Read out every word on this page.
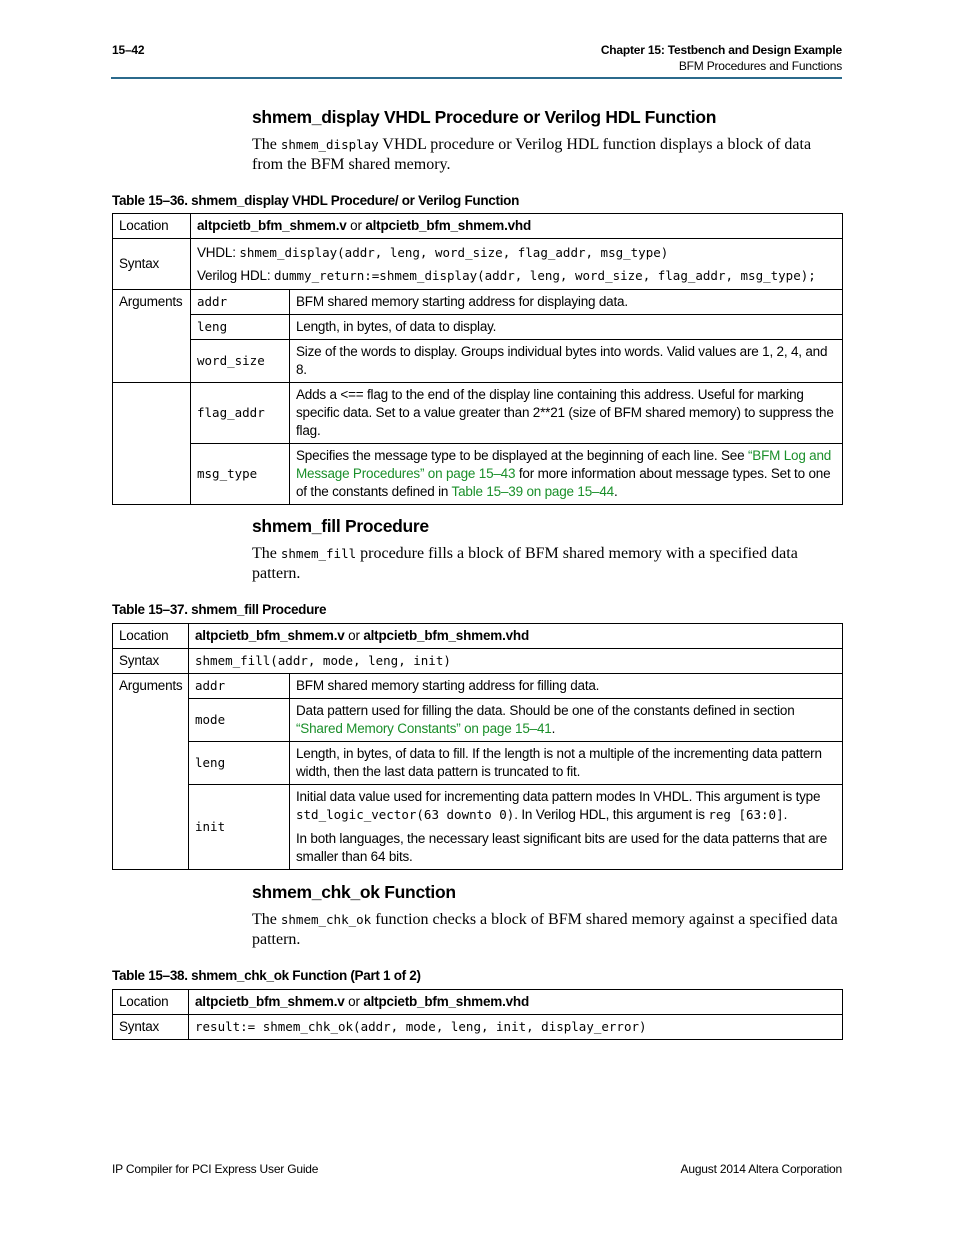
15–42	Chapter 15: Testbench and Design Example
BFM Procedures and Functions
shmem_display VHDL Procedure or Verilog HDL Function

The shmem_display VHDL procedure or Verilog HDL function displays a block of data from the BFM shared memory.

Table 15–36. shmem_display VHDL Procedure/ or Verilog Function
Location	altpcietb_bfm_shmem.v or altpcietb_bfm_shmem.vhd	
Syntax	VHDL: shmem_display(addr, leng, word_size, flag_addr, msg_type)
Verilog HDL: dummy_return:=shmem_display(addr, leng, word_size, flag_addr, msg_type);	

Arguments	addr	BFM shared memory starting address for displaying data.
	leng	Length, in bytes, of data to display.
	word_size	Size of the words to display. Groups individual bytes into words. Valid values are 1, 2, 4, and 8.
	flag_addr	Adds a <== flag to the end of the display line containing this address. Useful for marking specific data. Set to a value greater than 2**21 (size of BFM shared memory) to suppress the flag.
	msg_type	Specifies the message type to be displayed at the beginning of each line. See “BFM Log and Message Procedures” on page 15–43 for more information about message types. Set to one of the constants defined in Table 15–39 on page 15–44.
shmem_fill Procedure

The shmem_fill procedure fills a block of BFM shared memory with a specified data pattern.

Table 15–37. shmem_fill Procedure
Location	altpcietb_bfm_shmem.v or altpcietb_bfm_shmem.vhd	
Syntax	shmem_fill(addr, mode, leng, init)	
Arguments	addr	BFM shared memory starting address for filling data.
	mode	Data pattern used for filling the data. Should be one of the constants defined in section “Shared Memory Constants” on page 15–41.
	leng	Length, in bytes, of data to fill. If the length is not a multiple of the incrementing data pattern width, then the last data pattern is truncated to fit.
	init	Initial data value used for incrementing data pattern modes In VHDL. This argument is type std_logic_vector(63 downto 0). In Verilog HDL, this argument is reg [63:0].
In both languages, the necessary least significant bits are used for the data patterns that are smaller than 64 bits.
shmem_chk_ok Function

The shmem_chk_ok function checks a block of BFM shared memory against a specified data pattern.

Table 15–38. shmem_chk_ok Function (Part 1 of 2)
Location	altpcietb_bfm_shmem.v or altpcietb_bfm_shmem.vhd
Syntax	result:= shmem_chk_ok(addr, mode, leng, init, display_error)
IP Compiler for PCI Express User Guide	August 2014 Altera Corporation
